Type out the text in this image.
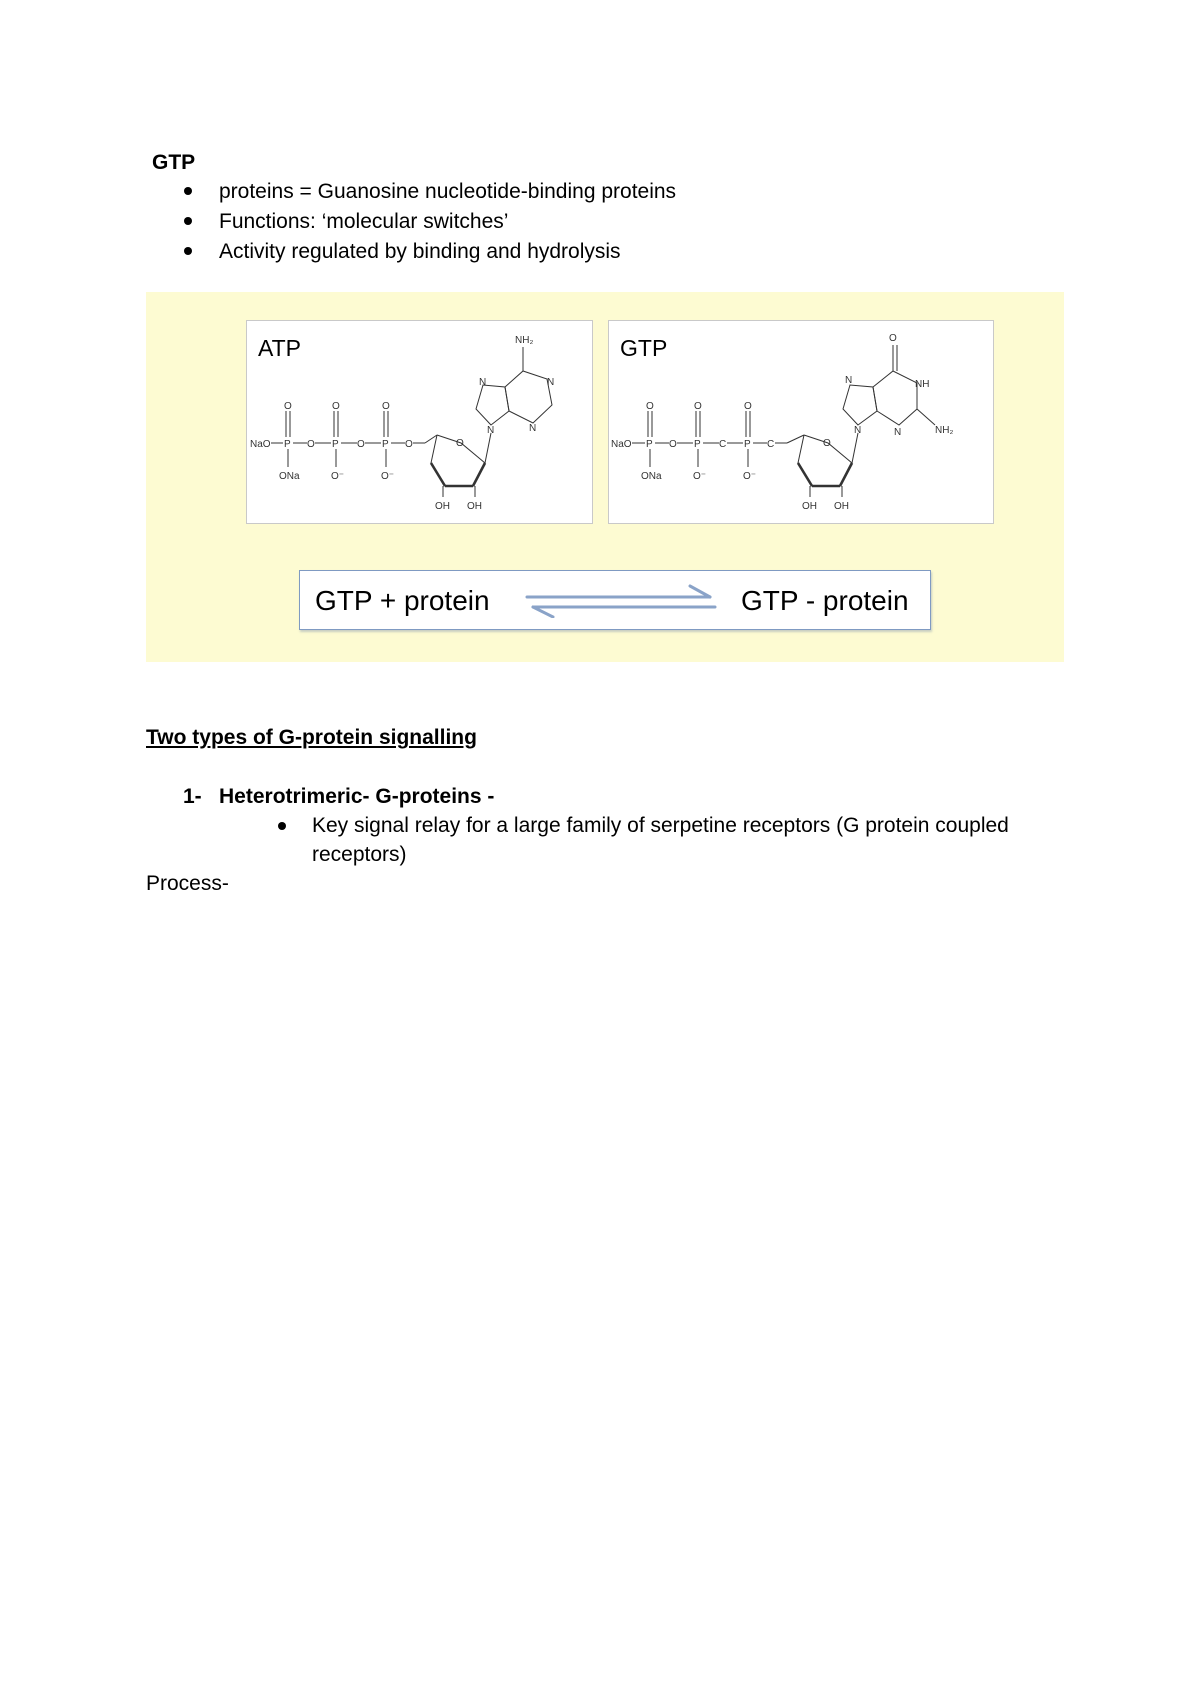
GTP
proteins = Guanosine nucleotide-binding proteins
Functions: ‘molecular switches’
Activity regulated by binding and hydrolysis
ATP
NaO P O P O P O
O	O	O
ONa	O⁻	O⁻
O
OH OH
N
N	N
N
NH₂	GTP
NaO P O P C P C
O	O	O
ONa	O⁻	O⁻
O
OH OH
N
N	NH
N
O
NH₂
GTP + protein	GTP - protein
Two types of G-protein signalling
1- Heterotrimeric- G-proteins -
Key signal relay for a large family of serpetine receptors (G protein coupled
receptors)
Process-
